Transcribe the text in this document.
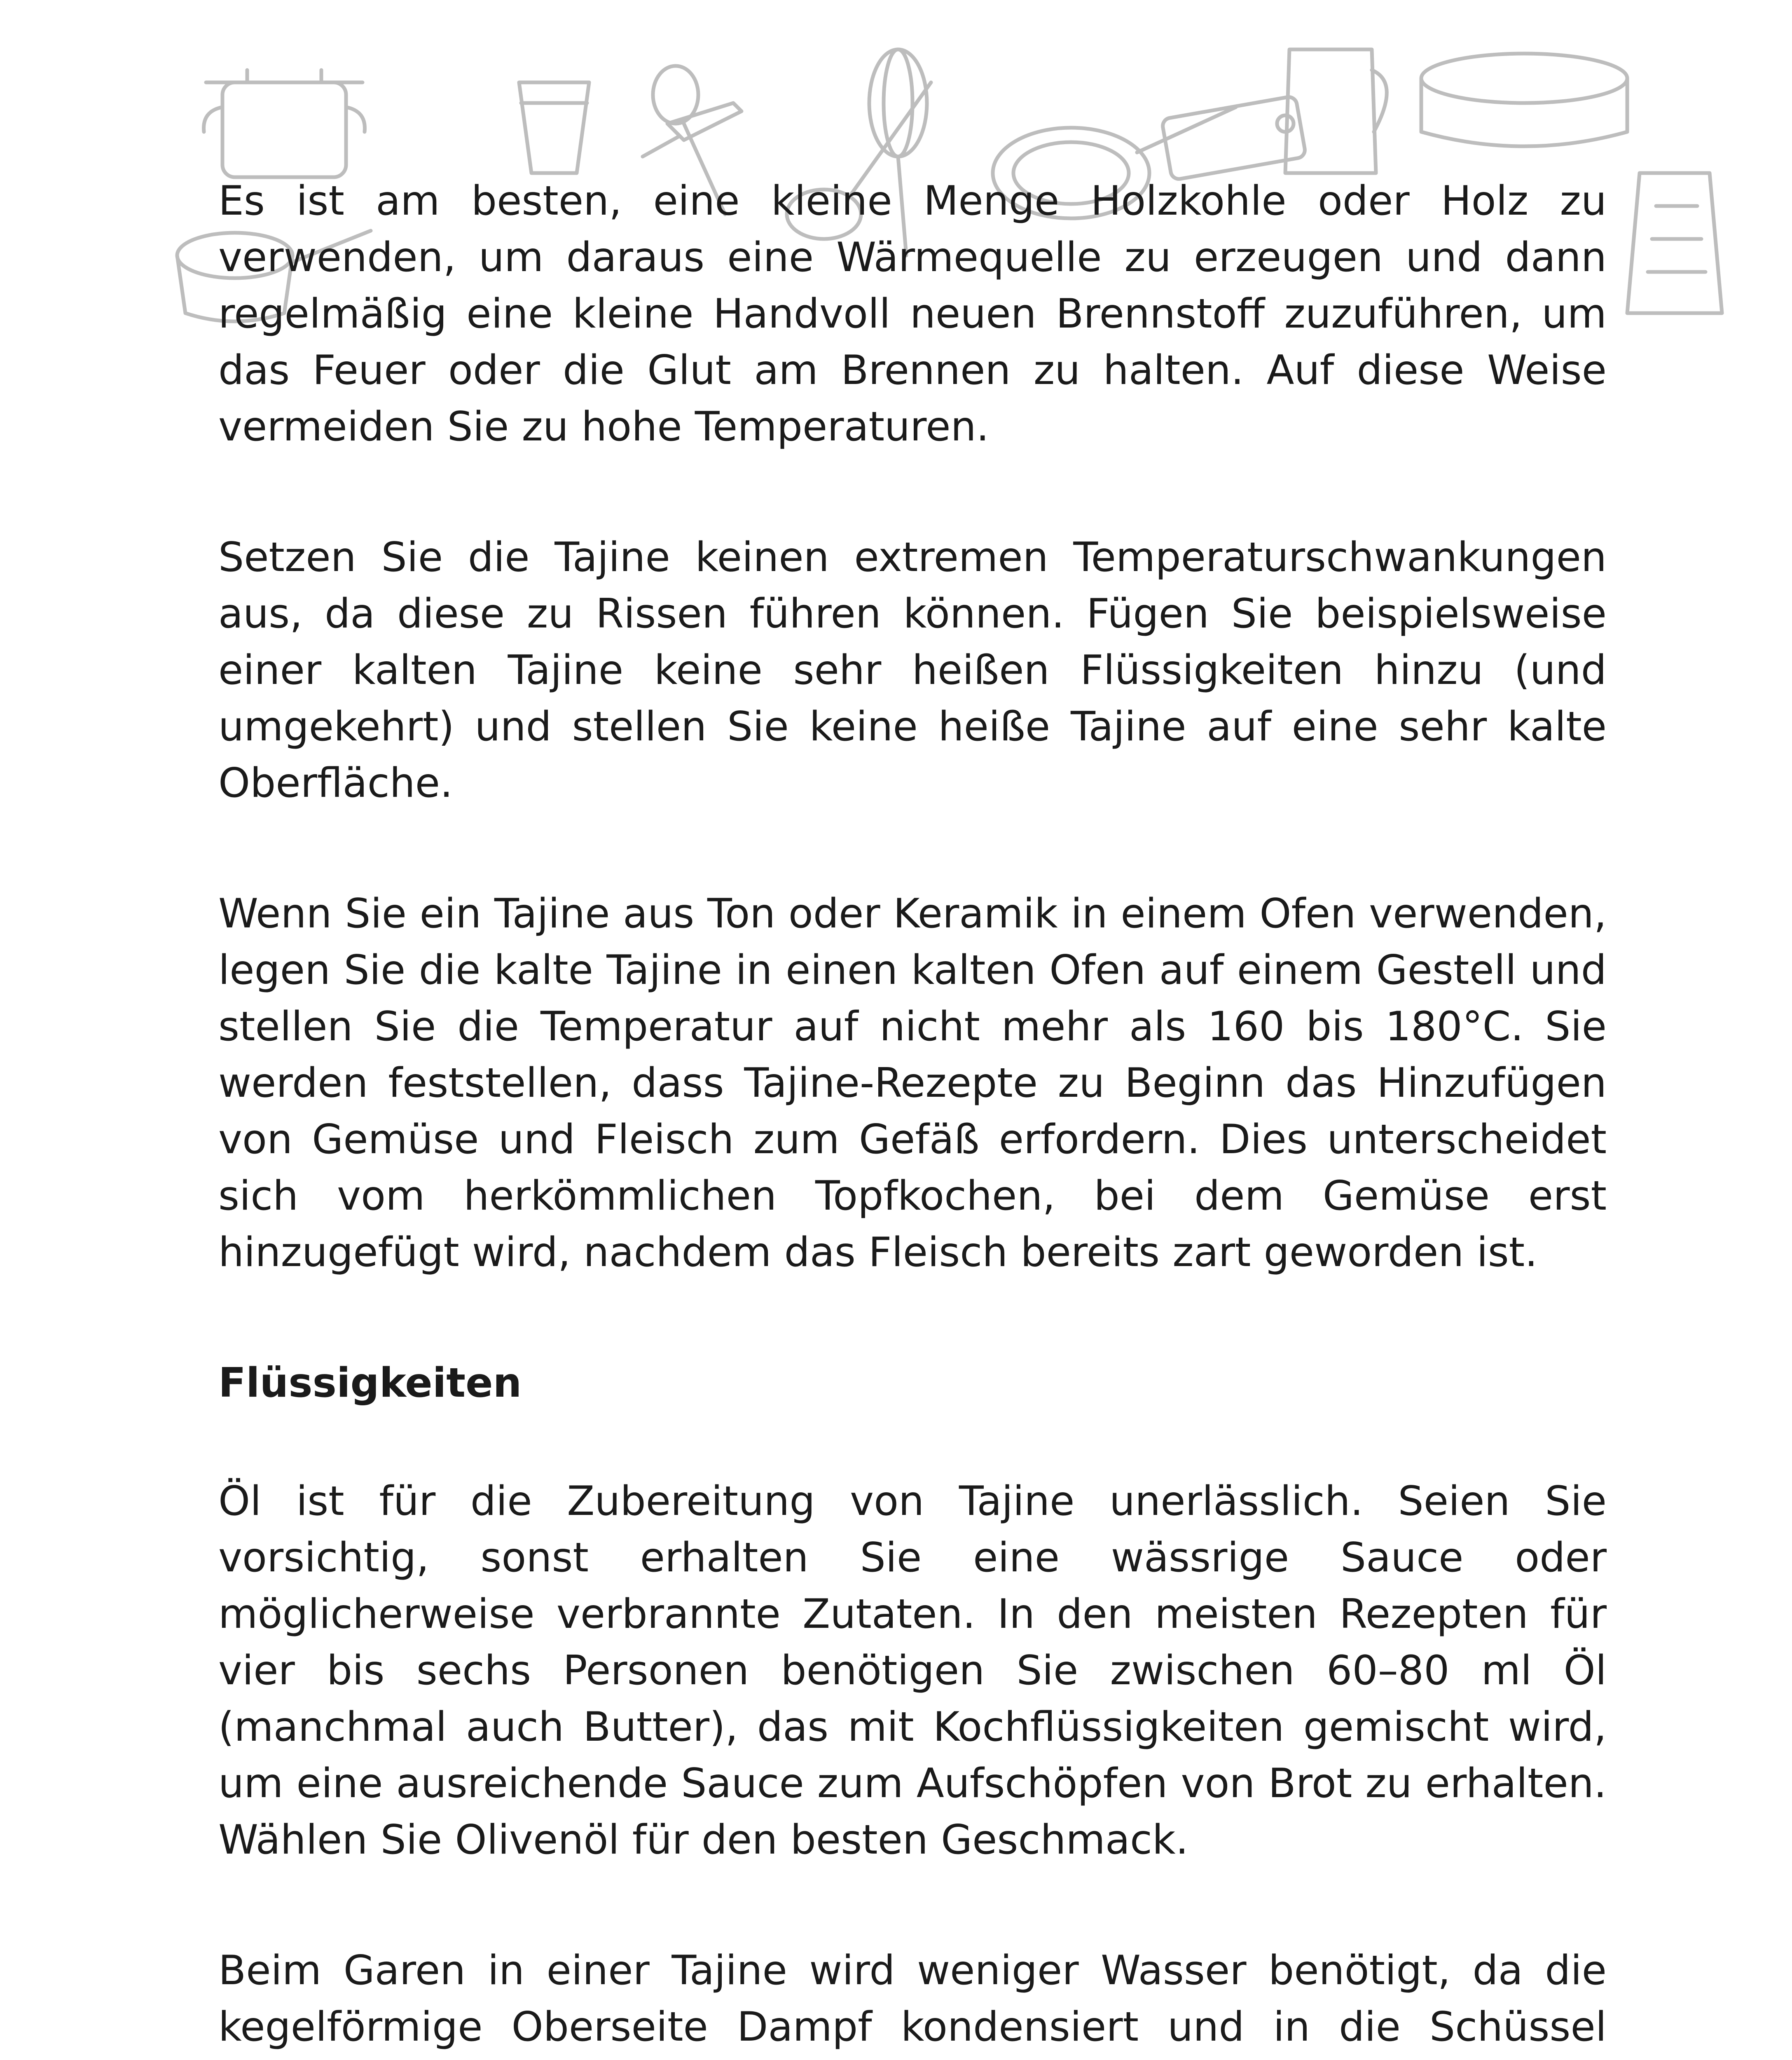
Es ist am besten, eine kleine Menge Holzkohle oder Holz zu verwenden, um daraus eine Wärmequelle zu erzeugen und dann regelmäßig eine kleine Handvoll neuen Brennstoff zuzuführen, um das Feuer oder die Glut am Brennen zu halten. Auf diese Weise vermeiden Sie zu hohe Temperaturen.

Setzen Sie die Tajine keinen extremen Temperaturschwankungen aus, da diese zu Rissen führen können. Fügen Sie beispielsweise einer kalten Tajine keine sehr heißen Flüssigkeiten hinzu (und umgekehrt) und stellen Sie keine heiße Tajine auf eine sehr kalte Oberfläche.

Wenn Sie ein Tajine aus Ton oder Keramik in einem Ofen verwenden, legen Sie die kalte Tajine in einen kalten Ofen auf einem Gestell und stellen Sie die Temperatur auf nicht mehr als 160 bis 180°C. Sie werden feststellen, dass Tajine-Rezepte zu Beginn das Hinzufügen von Gemüse und Fleisch zum Gefäß erfordern. Dies unterscheidet sich vom herkömmlichen Topfkochen, bei dem Gemüse erst hinzugefügt wird, nachdem das Fleisch bereits zart geworden ist.

Flüssigkeiten

Öl ist für die Zubereitung von Tajine unerlässlich. Seien Sie vorsichtig, sonst erhalten Sie eine wässrige Sauce oder möglicherweise verbrannte Zutaten. In den meisten Rezepten für vier bis sechs Personen benötigen Sie zwischen 60–80 ml Öl (manchmal auch Butter), das mit Kochflüssigkeiten gemischt wird, um eine ausreichende Sauce zum Aufschöpfen von Brot zu erhalten. Wählen Sie Olivenöl für den besten Geschmack.

Beim Garen in einer Tajine wird weniger Wasser benötigt, da die kegelförmige Oberseite Dampf kondensiert und in die Schüssel
